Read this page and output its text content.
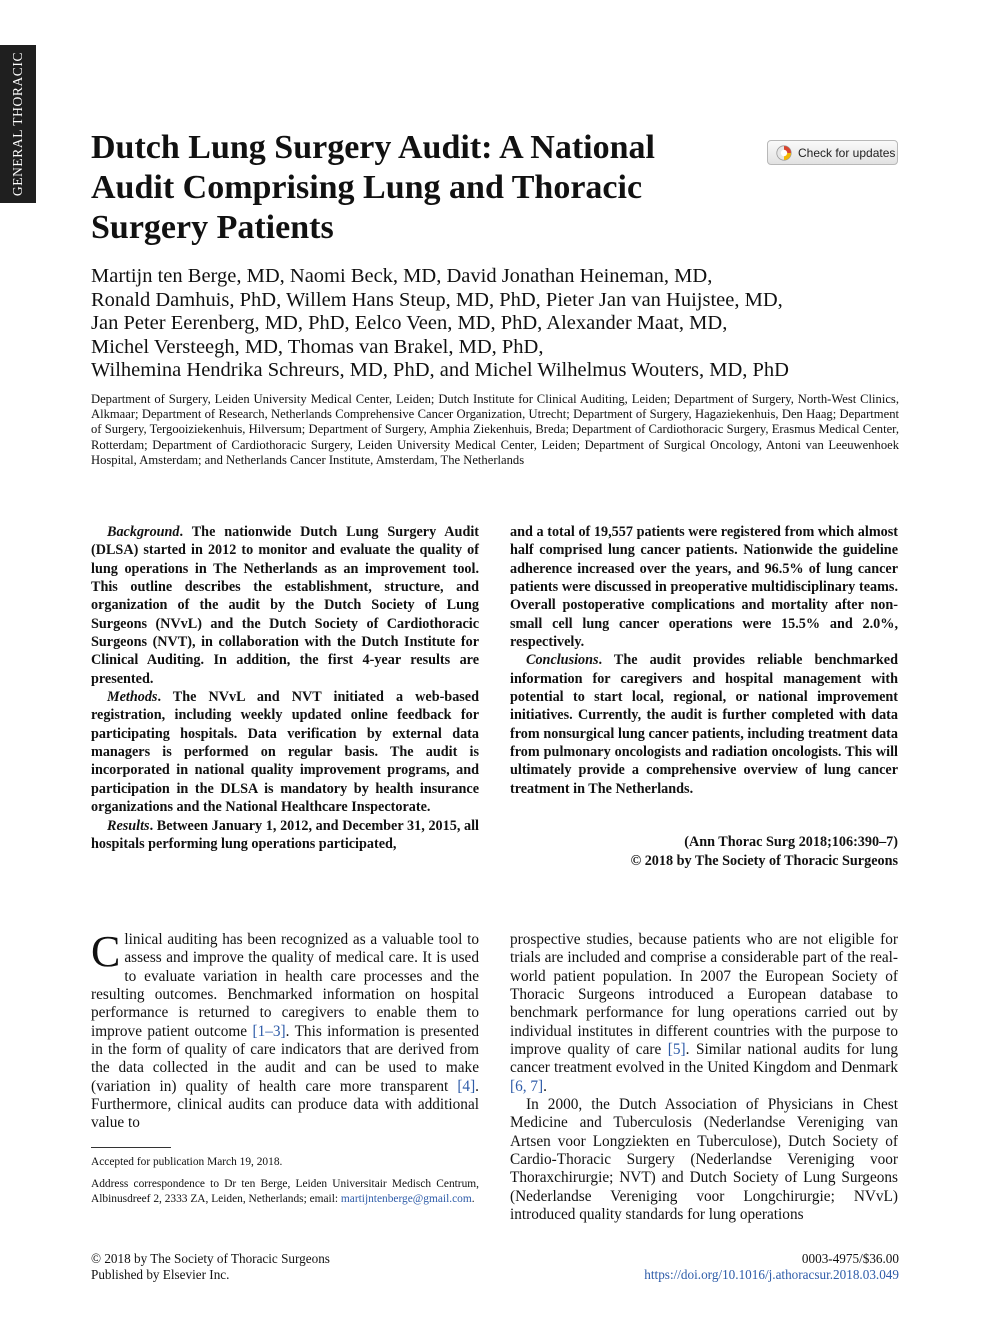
GENERAL THORACIC Dutch Lung Surgery Audit: A National Audit Comprising Lung and Thoracic Surgery Patients
Check for updates
Martijn ten Berge, MD, Naomi Beck, MD, David Jonathan Heineman, MD,
Ronald Damhuis, PhD, Willem Hans Steup, MD, PhD, Pieter Jan van Huijstee, MD,
Jan Peter Eerenberg, MD, PhD, Eelco Veen, MD, PhD, Alexander Maat, MD,
Michel Versteegh, MD, Thomas van Brakel, MD, PhD,
Wilhemina Hendrika Schreurs, MD, PhD, and Michel Wilhelmus Wouters, MD, PhD
Department of Surgery, Leiden University Medical Center, Leiden; Dutch Institute for Clinical Auditing, Leiden; Department of Surgery, North-West Clinics, Alkmaar; Department of Research, Netherlands Comprehensive Cancer Organization, Utrecht; Department of Surgery, Hagaziekenhuis, Den Haag; Department of Surgery, Tergooiziekenhuis, Hilversum; Department of Surgery, Amphia Ziekenhuis, Breda; Department of Cardiothoracic Surgery, Erasmus Medical Center, Rotterdam; Department of Cardiothoracic Surgery, Leiden University Medical Center, Leiden; Department of Surgical Oncology, Antoni van Leeuwenhoek Hospital, Amsterdam; and Netherlands Cancer Institute, Amsterdam, The Netherlands

Background. The nationwide Dutch Lung Surgery Audit (DLSA) started in 2012 to monitor and evaluate the quality of lung operations in The Netherlands as an improvement tool. This outline describes the establishment, structure, and organization of the audit by the Dutch Society of Lung Surgeons (NVvL) and the Dutch Society of Cardiothoracic Surgeons (NVT), in collaboration with the Dutch Institute for Clinical Auditing. In addition, the first 4-year results are presented.

Methods. The NVvL and NVT initiated a web-based registration, including weekly updated online feedback for participating hospitals. Data verification by external data managers is performed on regular basis. The audit is incorporated in national quality improvement programs, and participation in the DLSA is mandatory by health insurance organizations and the National Healthcare Inspectorate.

Results. Between January 1, 2012, and December 31, 2015, all hospitals performing lung operations participated,

and a total of 19,557 patients were registered from which almost half comprised lung cancer patients. Nationwide the guideline adherence increased over the years, and 96.5% of lung cancer patients were discussed in preoperative multidisciplinary teams. Overall postoperative complications and mortality after non-small cell lung cancer operations were 15.5% and 2.0%, respectively.

Conclusions. The audit provides reliable benchmarked information for caregivers and hospital management with potential to start local, regional, or national improvement initiatives. Currently, the audit is further completed with data from nonsurgical lung cancer patients, including treatment data from pulmonary oncologists and radiation oncologists. This will ultimately provide a comprehensive overview of lung cancer treatment in The Netherlands.

(Ann Thorac Surg 2018;106:390–7)
© 2018 by The Society of Thoracic Surgeons

Clinical auditing has been recognized as a valuable tool to assess and improve the quality of medical care. It is used to evaluate variation in health care processes and the resulting outcomes. Benchmarked information on hospital performance is returned to caregivers to enable them to improve patient outcome [1–3]. This information is presented in the form of quality of care indicators that are derived from the data collected in the audit and can be used to make (variation in) quality of health care more transparent [4]. Furthermore, clinical audits can produce data with additional value to

prospective studies, because patients who are not eligible for trials are included and comprise a considerable part of the real-world patient population. In 2007 the European Society of Thoracic Surgeons introduced a European database to benchmark performance for lung operations carried out by individual institutes in different countries with the purpose to improve quality of care [5]. Similar national audits for lung cancer treatment evolved in the United Kingdom and Denmark [6, 7].

In 2000, the Dutch Association of Physicians in Chest Medicine and Tuberculosis (Nederlandse Vereniging van Artsen voor Longziekten en Tuberculose), Dutch Society of Cardio-Thoracic Surgery (Nederlandse Vereniging voor Thoraxchirurgie; NVT) and Dutch Society of Lung Surgeons (Nederlandse Vereniging voor Longchirurgie; NVvL) introduced quality standards for lung operations

Accepted for publication March 19, 2018.

Address correspondence to Dr ten Berge, Leiden Universitair Medisch Centrum, Albinusdreef 2, 2333 ZA, Leiden, Netherlands; email: martijntenberge@gmail.com.

© 2018 by The Society of Thoracic Surgeons
Published by Elsevier Inc.
0003-4975/$36.00
https://doi.org/10.1016/j.athoracsur.2018.03.049
